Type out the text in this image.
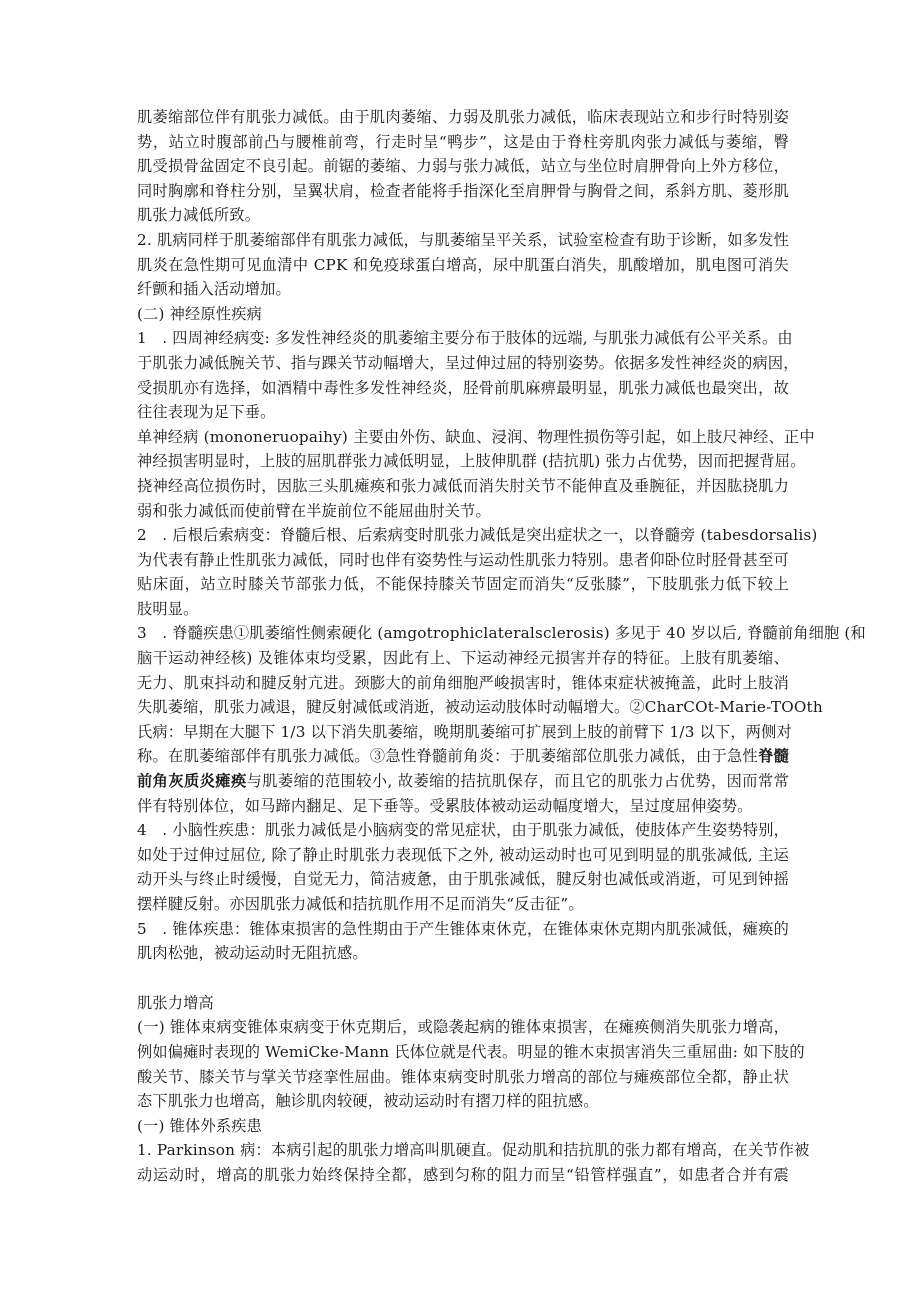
肌萎缩部位伴有肌张力减低。由于肌肉萎缩、力弱及肌张力减低，临床表现站立和步行时特别姿
势，站立时腹部前凸与腰椎前弯，行走时呈“鸭步”，这是由于脊柱旁肌肉张力减低与萎缩，臀
肌受损骨盆固定不良引起。前锯的萎缩、力弱与张力减低，站立与坐位时肩胛骨向上外方移位，
同时胸廓和脊柱分别，呈翼状肩，检查者能将手指深化至肩胛骨与胸骨之间，系斜方肌、菱形肌
肌张力减低所致。
2. 肌病同样于肌萎缩部伴有肌张力减低，与肌萎缩呈平关系，试验室检查有助于诊断，如多发性
肌炎在急性期可见血清中 CPK 和免疫球蛋白增高，尿中肌蛋白消失，肌酸增加，肌电图可消失
纤颤和插入活动增加。
(二) 神经原性疾病
1　. 四周神经病变: 多发性神经炎的肌萎缩主要分布于肢体的远端, 与肌张力减低有公平关系。由
于肌张力减低腕关节、指与踝关节动幅增大，呈过伸过屈的特别姿势。依据多发性神经炎的病因，
受损肌亦有选择，如酒精中毒性多发性神经炎，胫骨前肌麻痹最明显，肌张力减低也最突出，故
往往表现为足下垂。
单神经病 (mononeruopaihy) 主要由外伤、缺血、浸润、物理性损伤等引起，如上肢尺神经、正中
神经损害明显时，上肢的屈肌群张力减低明显，上肢伸肌群 (拮抗肌) 张力占优势，因而把握背屈。
挠神经高位损伤时，因肱三头肌瘫痪和张力减低而消失肘关节不能伸直及垂腕征，并因肱挠肌力
弱和张力减低而使前臂在半旋前位不能屈曲肘关节。
2　. 后根后索病变：脊髓后根、后索病变时肌张力减低是突出症状之一，以脊髓旁 (tabesdorsalis)
为代表有静止性肌张力减低，同时也伴有姿势性与运动性肌张力特别。患者仰卧位时胫骨甚至可
贴床面，站立时膝关节部张力低，不能保持膝关节固定而消失“反张膝”，下肢肌张力低下较上
肢明显。
3　. 脊髓疾患①肌萎缩性侧索硬化 (amgotrophiclateralsclerosis) 多见于 40 岁以后, 脊髓前角细胞 (和
脑干运动神经核) 及锥体束均受累，因此有上、下运动神经元损害并存的特征。上肢有肌萎缩、
无力、肌束抖动和腱反射亢进。颈膨大的前角细胞严峻损害时，锥体束症状被掩盖，此时上肢消
失肌萎缩，肌张力减退，腱反射减低或消逝，被动运动肢体时动幅增大。②CharCOt-Marie-TOOth
氏病：早期在大腿下 1/3 以下消失肌萎缩，晚期肌萎缩可扩展到上肢的前臂下 1/3 以下，两侧对
称。在肌萎缩部伴有肌张力减低。③急性脊髓前角炎：于肌萎缩部位肌张力减低，由于急性脊髓
前角灰质炎瘫痪与肌萎缩的范围较小, 故萎缩的拮抗肌保存，而且它的肌张力占优势，因而常常
伴有特别体位，如马蹄内翻足、足下垂等。受累肢体被动运动幅度增大，呈过度屈伸姿势。
4　. 小脑性疾患：肌张力减低是小脑病变的常见症状，由于肌张力减低，使肢体产生姿势特别，
如处于过伸过屈位, 除了静止时肌张力表现低下之外, 被动运动时也可见到明显的肌张减低, 主运
动开头与终止时缓慢，自觉无力，简洁疲惫，由于肌张减低，腱反射也减低或消逝，可见到钟摇
摆样腱反射。亦因肌张力减低和拮抗肌作用不足而消失“反击征”。
5　. 锥体疾患：锥体束损害的急性期由于产生锥体束休克，在锥体束休克期内肌张减低，瘫痪的
肌肉松弛，被动运动时无阻抗感。
肌张力增高
(一) 锥体束病变锥体束病变于休克期后，或隐袭起病的锥体束损害，在瘫痪侧消失肌张力增高，
例如偏瘫时表现的 WemiCke-Mann 氏体位就是代表。明显的锥木束损害消失三重屈曲: 如下肢的
酸关节、膝关节与掌关节痉挛性屈曲。锥体束病变时肌张力增高的部位与瘫痪部位全都，静止状
态下肌张力也增高，触诊肌肉较硬，被动运动时有摺刀样的阻抗感。
(一) 锥体外系疾患
1. Parkinson 病：本病引起的肌张力增高叫肌硬直。促动肌和拮抗肌的张力都有增高，在关节作被
动运动时，增高的肌张力始终保持全都，感到匀称的阻力而呈“铅管样强直”，如患者合并有震
